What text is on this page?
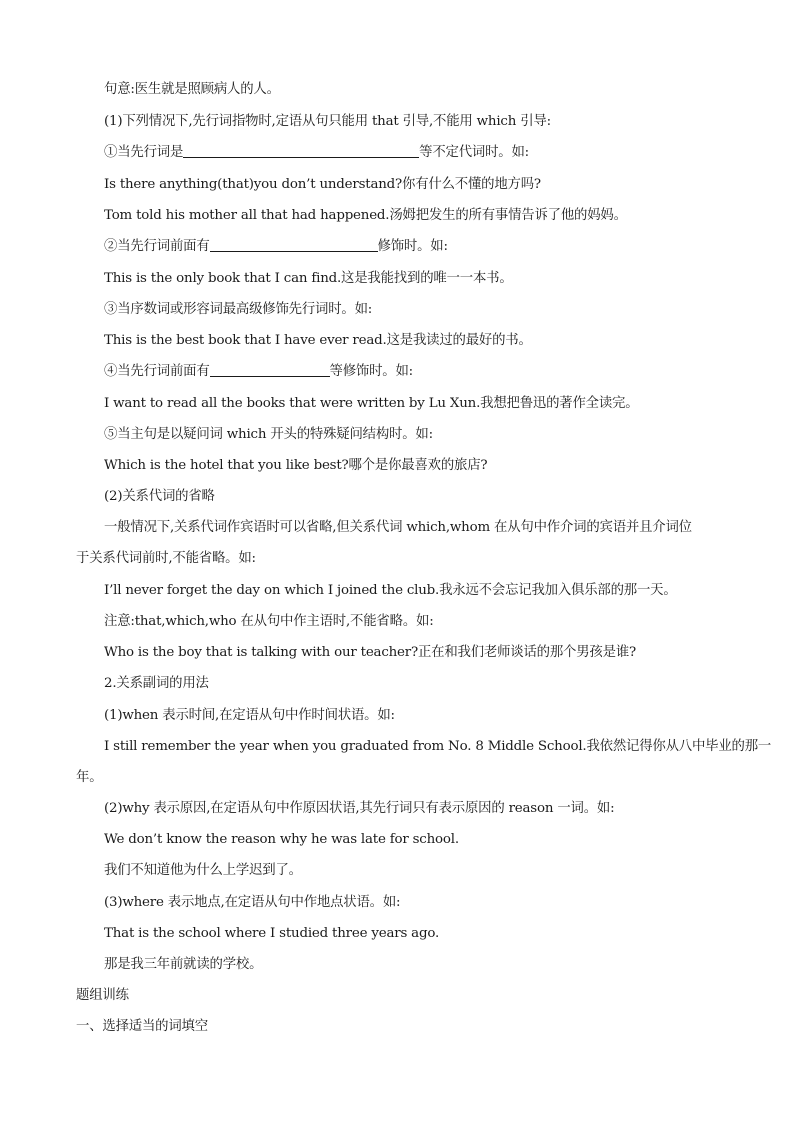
句意:医生就是照顾病人的人。
(1)下列情况下,先行词指物时,定语从句只能用 that 引导,不能用 which 引导:
①当先行词是	等不定代词时。如:
Is there anything(that)you don’t understand?你有什么不懂的地方吗?
Tom told his mother all that had happened.汤姆把发生的所有事情告诉了他的妈妈。
②当先行词前面有	修饰时。如:
This is the only book that I can find.这是我能找到的唯一一本书。
③当序数词或形容词最高级修饰先行词时。如:
This is the best book that I have ever read.这是我读过的最好的书。
④当先行词前面有	等修饰时。如:
I want to read all the books that were written by Lu Xun.我想把鲁迅的著作全读完。
⑤当主句是以疑问词 which 开头的特殊疑问结构时。如:
Which is the hotel that you like best?哪个是你最喜欢的旅店?
(2)关系代词的省略
一般情况下,关系代词作宾语时可以省略,但关系代词 which,whom 在从句中作介词的宾语并且介词位
于关系代词前时,不能省略。如:
I’ll never forget the day on which I joined the club.我永远不会忘记我加入俱乐部的那一天。
注意:that,which,who 在从句中作主语时,不能省略。如:
Who is the boy that is talking with our teacher?正在和我们老师谈话的那个男孩是谁?
2.关系副词的用法
(1)when 表示时间,在定语从句中作时间状语。如:
I still remember the year when you graduated from No. 8 Middle School.我依然记得你从八中毕业的那一
年。
(2)why 表示原因,在定语从句中作原因状语,其先行词只有表示原因的 reason 一词。如:
We don’t know the reason why he was late for school.
我们不知道他为什么上学迟到了。
(3)where 表示地点,在定语从句中作地点状语。如:
That is the school where I studied three years ago.
那是我三年前就读的学校。
题组训练
一、选择适当的词填空
